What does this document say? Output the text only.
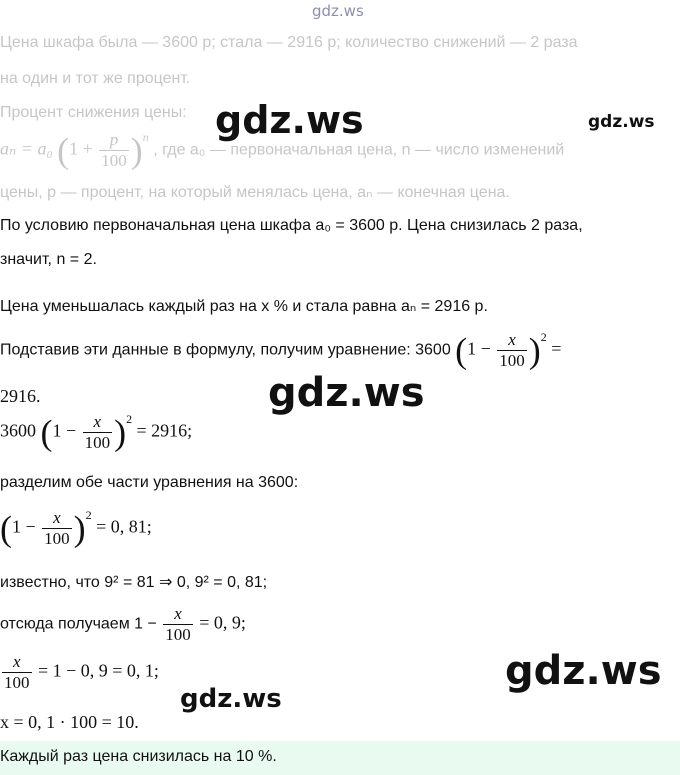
gdz.ws
Цена шкафа была — 3600 р; стала — 2916 р; количество снижений — 2 раза
на один и тот же процент.
Процент снижения цены:
aₙ = a₀ $(1 + \frac{p}{100} )^n$ , где a₀ — первоначальная цена, n — число изменений
цены, p — процент, на который менялась цена, aₙ — конечная цена.
По условию первоначальная цена шкафа a₀ = 3600 р. Цена снизилась 2 раза,
значит, n = 2.
Цена уменьшалась каждый раз на x % и стала равна aₙ = 2916 р.
Подставив эти данные в формулу, получим уравнение: 3600 $(1 - \frac{x}{100} )^2$ =
2916.
3600 $(1 - \frac{x}{100} )^2 = 2916$;
разделим обе части уравнения на 3600:
$(1 - \frac{x}{100} )^2 = 0$, 81;
известно, что 9² = 81 ⇒ 0, 9² = 0, 81;
отсюда получаем $1 - \frac{x}{100} = 0$, 9;
$\frac{x}{100} = 1 - 0$, 9 = 0, 1;
x = 0, 1 · 100 = 10.
Каждый раз цена снизилась на 10 %.
gdz.ws	gdz.ws
gdz.ws
gdz.ws
gdz.ws
